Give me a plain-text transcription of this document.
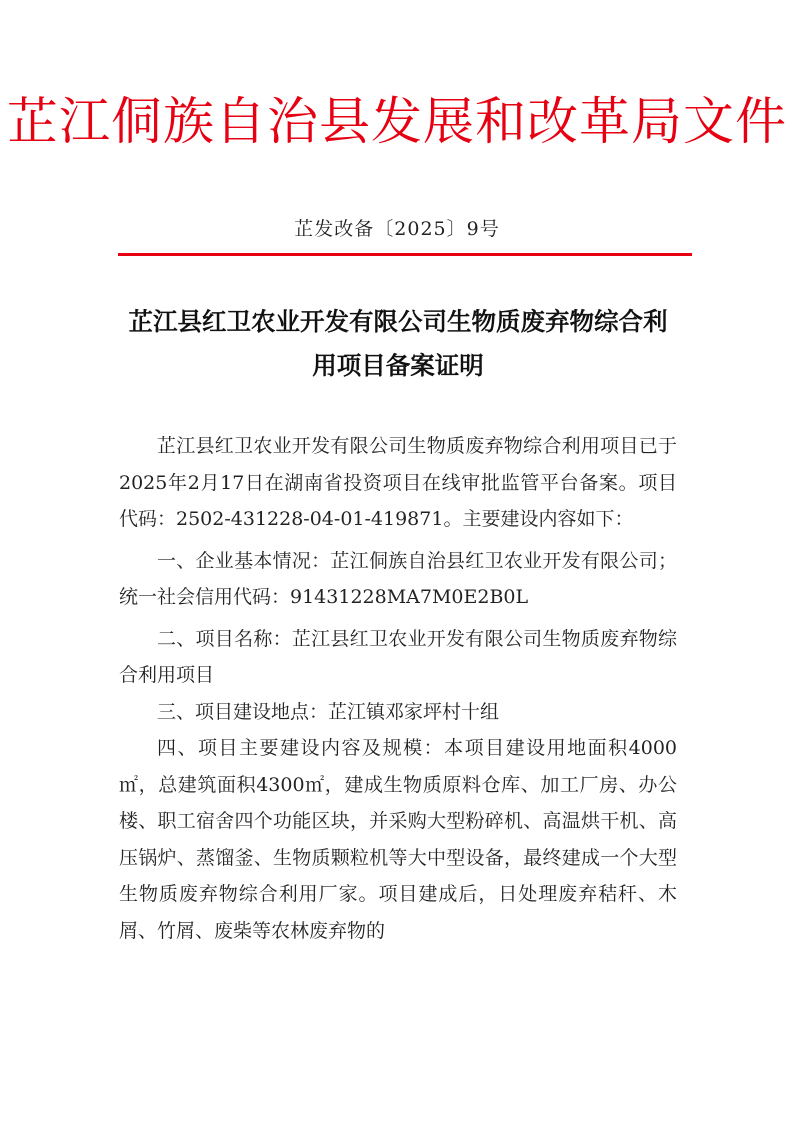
芷江侗族自治县发展和改革局文件
芷发改备〔2025〕9号
芷江县红卫农业开发有限公司生物质废弃物综合利用项目备案证明

芷江县红卫农业开发有限公司生物质废弃物综合利用项目已于2025年2月17日在湖南省投资项目在线审批监管平台备案。项目代码：2502-431228-04-01-419871。主要建设内容如下：

一、企业基本情况：芷江侗族自治县红卫农业开发有限公司；统一社会信用代码：91431228MA7M0E2B0L

二、项目名称：芷江县红卫农业开发有限公司生物质废弃物综合利用项目

三、项目建设地点：芷江镇邓家坪村十组

四、项目主要建设内容及规模：本项目建设用地面积4000㎡，总建筑面积4300㎡，建成生物质原料仓库、加工厂房、办公楼、职工宿舍四个功能区块，并采购大型粉碎机、高温烘干机、高压锅炉、蒸馏釜、生物质颗粒机等大中型设备，最终建成一个大型生物质废弃物综合利用厂家。项目建成后，日处理废弃秸秆、木屑、竹屑、废柴等农林废弃物的
